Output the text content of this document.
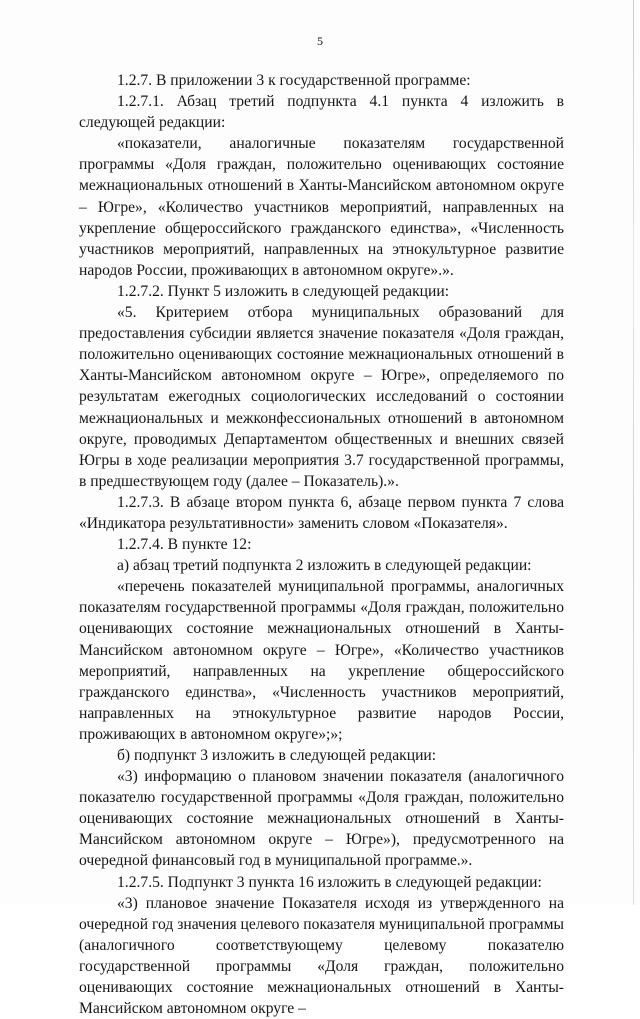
5

1.2.7. В приложении 3 к государственной программе:

1.2.7.1. Абзац третий подпункта 4.1 пункта 4 изложить в следующей редакции:

«показатели, аналогичные показателям государственной программы «Доля граждан, положительно оценивающих состояние межнациональных отношений в Ханты-Мансийском автономном округе – Югре», «Количество участников мероприятий, направленных на укрепление общероссийского гражданского единства», «Численность участников мероприятий, направленных на этнокультурное развитие народов России, проживающих в автономном округе».».

1.2.7.2. Пункт 5 изложить в следующей редакции:

«5. Критерием отбора муниципальных образований для предоставления субсидии является значение показателя «Доля граждан, положительно оценивающих состояние межнациональных отношений в Ханты-Мансийском автономном округе – Югре», определяемого по результатам ежегодных социологических исследований о состоянии межнациональных и межконфессиональных отношений в автономном округе, проводимых Департаментом общественных и внешних связей Югры в ходе реализации мероприятия 3.7 государственной программы, в предшествующем году (далее – Показатель).».

1.2.7.3. В абзаце втором пункта 6, абзаце первом пункта 7 слова «Индикатора результативности» заменить словом «Показателя».

1.2.7.4. В пункте 12:

а) абзац третий подпункта 2 изложить в следующей редакции:

«перечень показателей муниципальной программы, аналогичных показателям государственной программы «Доля граждан, положительно оценивающих состояние межнациональных отношений в Ханты-Мансийском автономном округе – Югре», «Количество участников мероприятий, направленных на укрепление общероссийского гражданского единства», «Численность участников мероприятий, направленных на этнокультурное развитие народов России, проживающих в автономном округе»;»;

б) подпункт 3 изложить в следующей редакции:

«3) информацию о плановом значении показателя (аналогичного показателю государственной программы «Доля граждан, положительно оценивающих состояние межнациональных отношений в Ханты-Мансийском автономном округе – Югре»), предусмотренного на очередной финансовый год в муниципальной программе.».

1.2.7.5. Подпункт 3 пункта 16 изложить в следующей редакции:

«3) плановое значение Показателя исходя из утвержденного на очередной год значения целевого показателя муниципальной программы (аналогичного соответствующему целевому показателю государственной программы «Доля граждан, положительно оценивающих состояние межнациональных отношений в Ханты-Мансийском автономном округе –
